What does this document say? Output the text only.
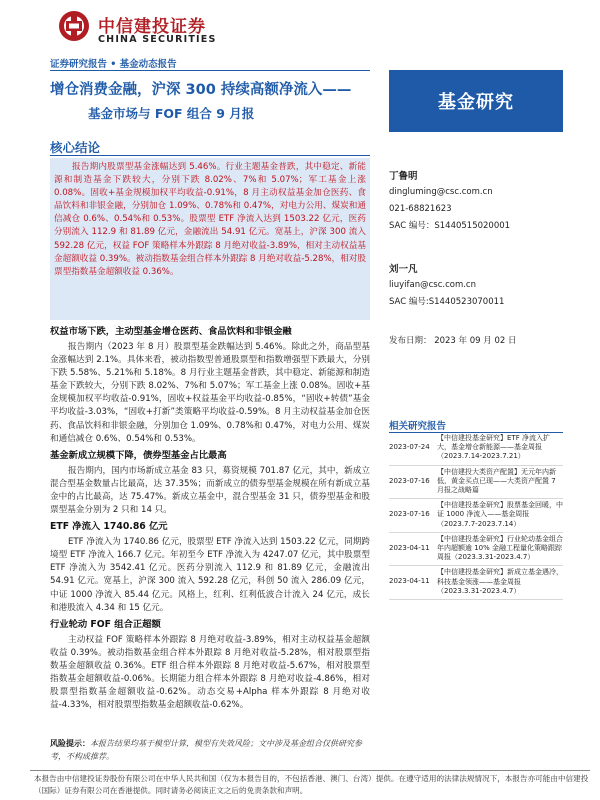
中信建投证券
CHINA SECURITIES
证券研究报告 • 基金动态报告
增仓消费金融，沪深 300 持续高额净流入——
基金市场与 FOF 组合 9 月报
基金研究
核心结论

报告期内股票型基金涨幅达到 5.46%。行业主题基金普跌，其中稳定、新能源和制造基金下跌较大，分别下跌 8.02%、7%和 5.07%；军工基金上涨 0.08%。固收+基金规模加权平均收益-0.91%，8 月主动权益基金加仓医药、食品饮料和非银金融，分别加仓 1.09%、0.78%和 0.47%，对电力公用、煤炭和通信减仓 0.6%、0.54%和 0.53%。股票型 ETF 净流入达到 1503.22 亿元，医药分别流入 112.9 和 81.89 亿元，金融流出 54.91 亿元。宽基上，沪深 300 流入 592.28 亿元，权益 FOF 策略样本外跟踪 8 月绝对收益-3.89%，相对主动权益基金超额收益 0.39%。被动指数基金组合样本外跟踪 8 月绝对收益-5.28%，相对股票型指数基金超额收益 0.36%。

权益市场下跌，主动型基金增仓医药、食品饮料和非银金融

报告期内（2023 年 8 月）股票型基金跌幅达到 5.46%。除此之外，商品型基金涨幅达到 2.1%。具体来看，被动指数型普通股票型和指数增强型下跌最大，分别下跌 5.58%、5.21%和 5.18%。8 月行业主题基金普跌，其中稳定、新能源和制造基金下跌较大，分别下跌 8.02%、7%和 5.07%；军工基金上涨 0.08%。固收+基金规模加权平均收益-0.91%，固收+权益基金平均收益-0.85%，“固收+转债”基金平均收益-3.03%，“固收+打新”类策略平均收益-0.59%。8 月主动权益基金加仓医药、食品饮料和非银金融，分别加仓 1.09%、0.78%和 0.47%，对电力公用、煤炭和通信减仓 0.6%、0.54%和 0.53%。

基金新成立规模下降，债券型基金占比最高

报告期内，国内市场新成立基金 83 只，募资规模 701.87 亿元，其中，新成立混合型基金数量占比最高，达 37.35%；而新成立的债券型基金规模在所有新成立基金中的占比最高，达 75.47%。新成立基金中，混合型基金 31 只，债券型基金和股票型基金分别为 2 只和 14 只。

ETF 净流入 1740.86 亿元

ETF 净流入为 1740.86 亿元，股票型 ETF 净流入达到 1503.22 亿元，同期跨境型 ETF 净流入 166.7 亿元。年初至今 ETF 净流入为 4247.07 亿元，其中股票型 ETF 净流入为 3542.41 亿元。医药分别流入 112.9 和 81.89 亿元，金融流出 54.91 亿元。宽基上，沪深 300 流入 592.28 亿元，科创 50 流入 286.09 亿元，中证 1000 净流入 85.44 亿元。风格上，红利、红利低波合计流入 24 亿元，成长和港股流入 4.34 和 15 亿元。

行业轮动 FOF 组合正超额

主动权益 FOF 策略样本外跟踪 8 月绝对收益-3.89%，相对主动权益基金超额收益 0.39%。被动指数基金组合样本外跟踪 8 月绝对收益-5.28%，相对股票型指数基金超额收益 0.36%。ETF 组合样本外跟踪 8 月绝对收益-5.67%，相对股票型指数基金超额收益-0.06%。长期能力组合样本外跟踪 8 月绝对收益-4.86%，相对股票型指数基金超额收益-0.62%。动态交易+Alpha 样本外跟踪 8 月绝对收益-4.33%，相对股票型指数基金超额收益-0.62%。

风险提示：本报告结果均基于模型计算，模型有失效风险；文中涉及基金组合仅供研究参考，不构成推荐。
丁鲁明
dingluming@csc.com.cn
021-68821623
SAC 编号：S1440515020001
刘一凡
liuyifan@csc.com.cn
SAC 编号:S1440523070011
发布日期： 2023 年 09 月 02 日
相关研究报告
2023-07-24
【中信建投基金研究】ETF 净流入扩大，基金增仓新能源——基金周报（2023.7.14-2023.7.21）
2023-07-16
【中信建投大类资产配置】无元年内新低，黄金买点已现——大类资产配置 7 月报之战略篇
2023-07-16
【中信建投基金研究】股票基金回暖，中证 1000 净流入——基金周报（2023.7.7-2023.7.14）
2023-04-11
【中信建投基金研究】行业轮动基金组合年内超额逾 10% 金融工程量化策略跟踪周报（2023.3.31-2023.4.7）
2023-04-11
【中信建投基金研究】新成立基金遇冷，科技基金领涨——基金周报（2023.3.31-2023.4.7）
本报告由中信建投证券股份有限公司在中华人民共和国（仅为本报告目的，不包括香港、澳门、台湾）提供。在遵守适用的法律法规情况下，本报告亦可能由中信建投（国际）证券有限公司在香港提供。同时请务必阅读正文之后的免责条款和声明。
